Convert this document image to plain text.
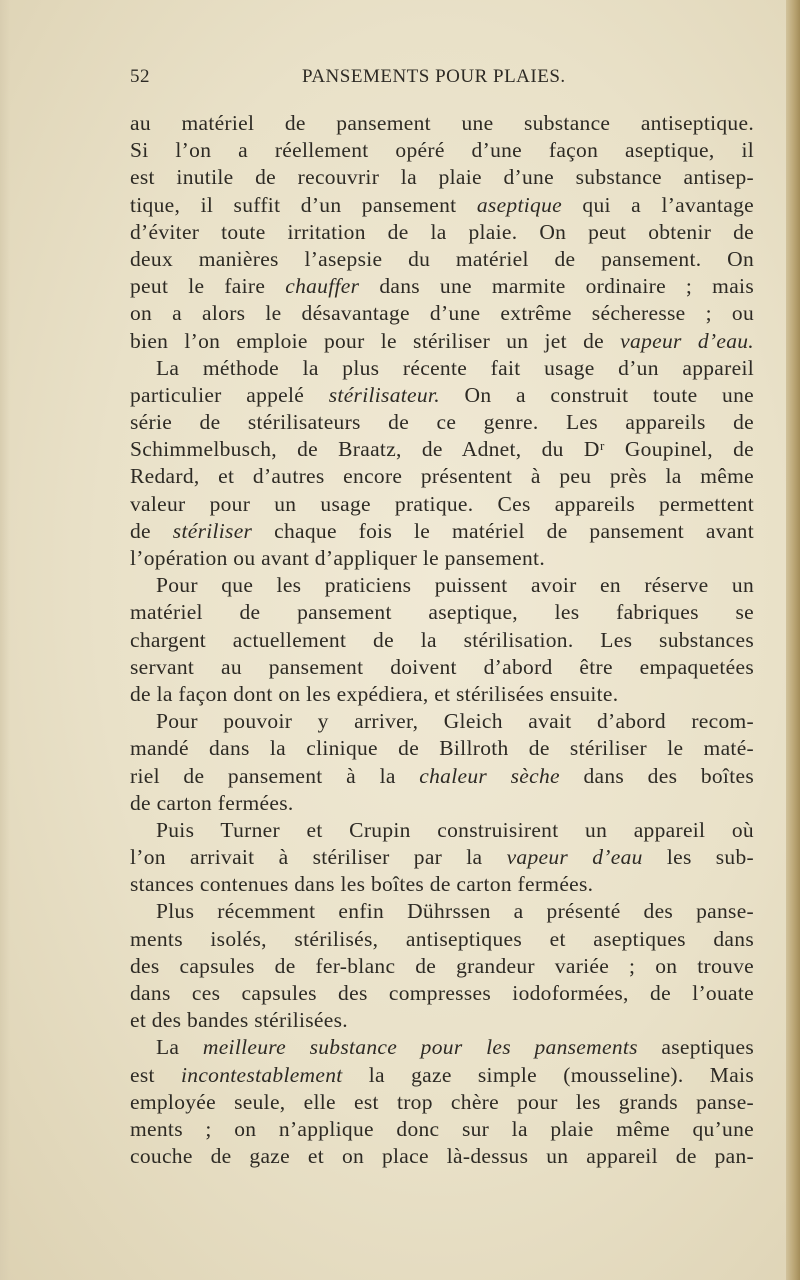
52	PANSEMENTS POUR PLAIES.
au matériel de pansement une substance antiseptique.
Si l’on a réellement opéré d’une façon aseptique, il
est inutile de recouvrir la plaie d’une substance antisep-
tique, il suffit d’un pansement aseptique qui a l’avantage
d’éviter toute irritation de la plaie. On peut obtenir de
deux manières l’asepsie du matériel de pansement. On
peut le faire chauffer dans une marmite ordinaire ; mais
on a alors le désavantage d’une extrême sécheresse ; ou
bien l’on emploie pour le stériliser un jet de vapeur d’eau.
La méthode la plus récente fait usage d’un appareil
particulier appelé stérilisateur. On a construit toute une
série de stérilisateurs de ce genre. Les appareils de
Schimmelbusch, de Braatz, de Adnet, du Dʳ Goupinel, de
Redard, et d’autres encore présentent à peu près la même
valeur pour un usage pratique. Ces appareils permettent
de stériliser chaque fois le matériel de pansement avant
l’opération ou avant d’appliquer le pansement.
Pour que les praticiens puissent avoir en réserve un
matériel de pansement aseptique, les fabriques se
chargent actuellement de la stérilisation. Les substances
servant au pansement doivent d’abord être empaquetées
de la façon dont on les expédiera, et stérilisées ensuite.
Pour pouvoir y arriver, Gleich avait d’abord recom-
mandé dans la clinique de Billroth de stériliser le maté-
riel de pansement à la chaleur sèche dans des boîtes
de carton fermées.
Puis Turner et Crupin construisirent un appareil où
l’on arrivait à stériliser par la vapeur d’eau les sub-
stances contenues dans les boîtes de carton fermées.
Plus récemment enfin Dührssen a présenté des panse-
ments isolés, stérilisés, antiseptiques et aseptiques dans
des capsules de fer-blanc de grandeur variée ; on trouve
dans ces capsules des compresses iodoformées, de l’ouate
et des bandes stérilisées.
La meilleure substance pour les pansements aseptiques
est incontestablement la gaze simple (mousseline). Mais
employée seule, elle est trop chère pour les grands panse-
ments ; on n’applique donc sur la plaie même qu’une
couche de gaze et on place là-dessus un appareil de pan-
